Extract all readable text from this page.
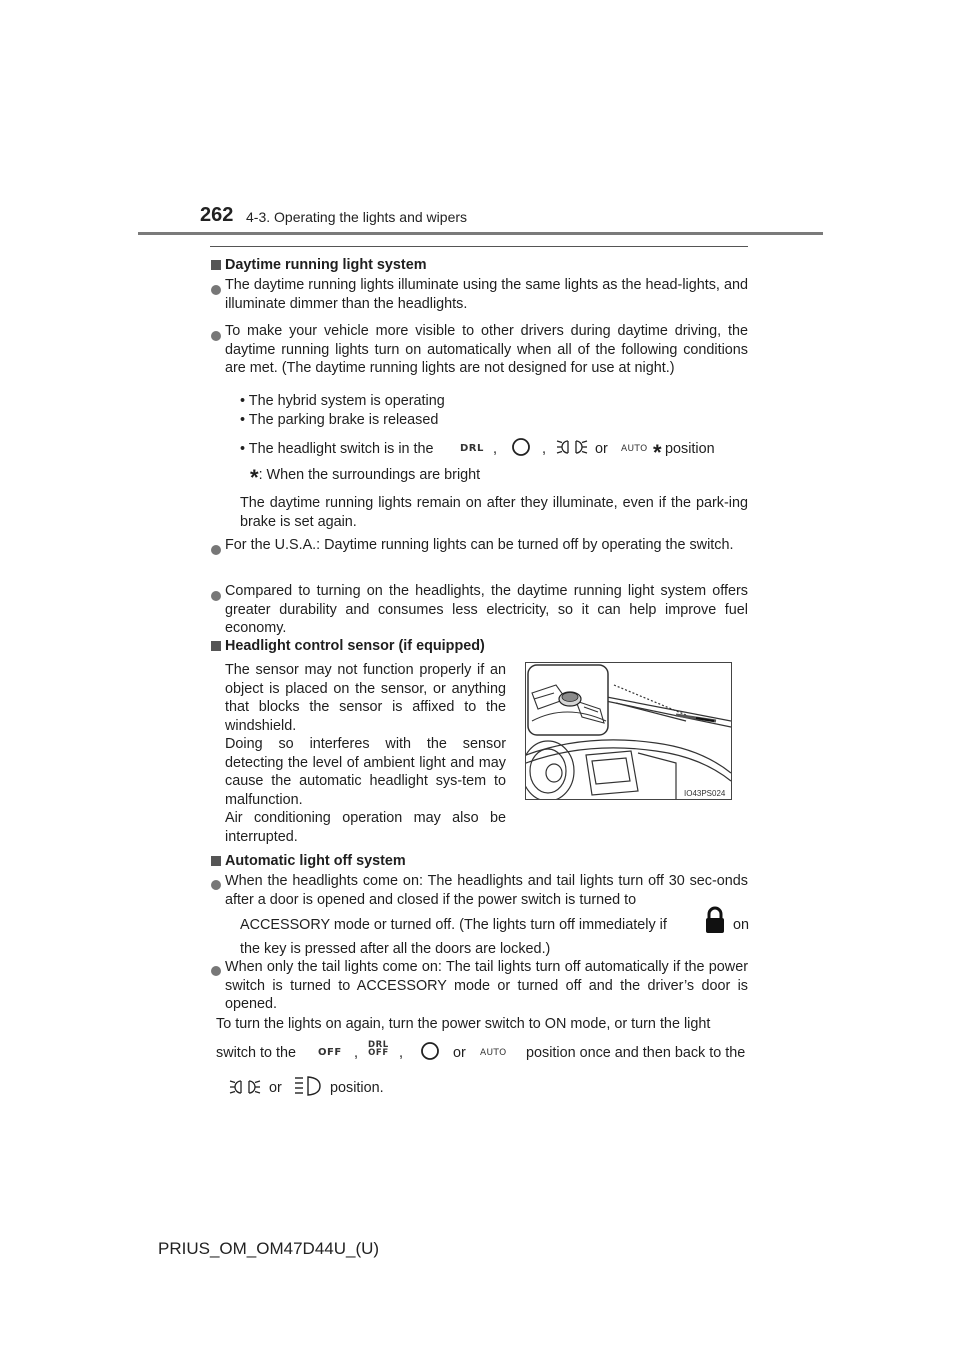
262 4-3. Operating the lights and wipers
Daytime running light system
The daytime running lights illuminate using the same lights as the head-lights, and illuminate dimmer than the headlights.
To make your vehicle more visible to other drivers during daytime driving, the daytime running lights turn on automatically when all of the following conditions are met. (The daytime running lights are not designed for use at night.)
• The hybrid system is operating
• The parking brake is released
• The headlight switch is in the	DRL ,	,	or AUTO * position
*: When the surroundings are bright
The daytime running lights remain on after they illuminate, even if the park-ing brake is set again.
For the U.S.A.: Daytime running lights can be turned off by operating the switch.
Compared to turning on the headlights, the daytime running light system offers greater durability and consumes less electricity, so it can help improve fuel economy.
Headlight control sensor (if equipped)
The sensor may not function properly if an object is placed on the sensor, or anything that blocks the sensor is affixed to the windshield.
Doing so interferes with the sensor detecting the level of ambient light and may cause the automatic headlight sys-tem to malfunction.
Air conditioning operation may also be interrupted.
IO43PS024
Automatic light off system
When the headlights come on: The headlights and tail lights turn off 30 sec-onds after a door is opened and closed if the power switch is turned to
ACCESSORY mode or turned off. (The lights turn off immediately if	on
the key is pressed after all the doors are locked.)
When only the tail lights come on: The tail lights turn off automatically if the power switch is turned to ACCESSORY mode or turned off and the driver’s door is opened.
To turn the lights on again, turn the power switch to ON mode, or turn the light
switch to the OFF , DRL
OFF ,	or AUTO position once and then back to the
or	position.
PRIUS_OM_OM47D44U_(U)
